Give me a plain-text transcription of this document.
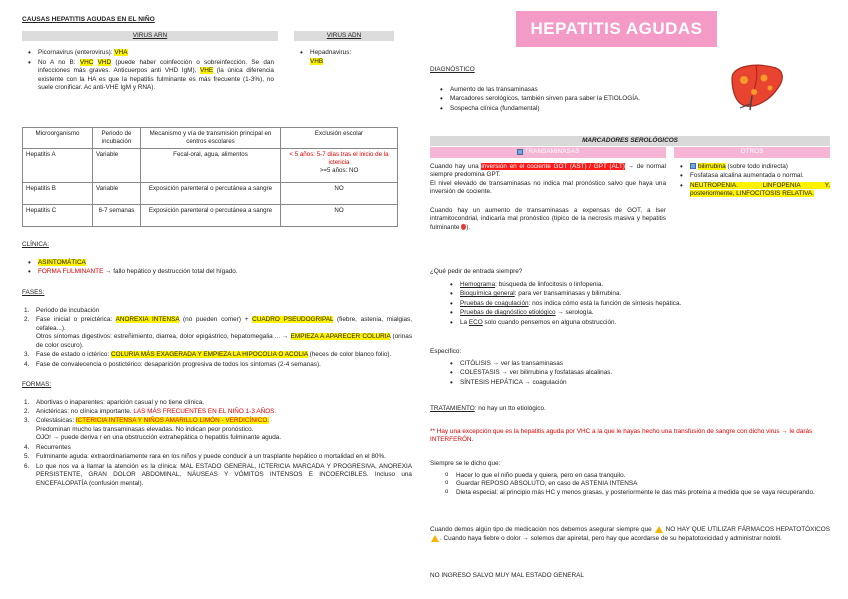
CAUSAS HEPATITIS AGUDAS EN EL NIÑO
VIRUS ARN
• Picornavirus (enterovirus): VHA
• No A no B: VHC VHD (puede haber coinfección o sobreinfección. Se dan infecciones más graves. Anticuerpos anti VHD IgM), VHE (la única diferencia existente con la HA es que la hepatitis fulminante es más frecuente (1-3%), no suele cronificar. Ac anti-VHE IgM y RNA).
VIRUS ADN
• Hepadnavirus:
VHB
Microorganismo	Periodo de incubación	Mecanismo y vía de transmisión principal en centros escolares	Exclusión escolar
Hepatitis A	Variable	Fecal-oral, agua, alimentos	< 5 años: 5-7 días tras el inicio de la ictericia
>=5 años: NO
Hepatitis B	Variable	Exposición parenteral o percutánea a sangre	NO
Hepatitis C	6-7 semanas	Exposición parenteral o percutánea a sangre	NO
CLÍNICA:
• ASINTOMÁTICA
• FORMA FULMINANTE → fallo hepático y destrucción total del hígado.
FASES:
1. Periodo de incubación
2. Fase inicial o preictérica: ANOREXIA INTENSA (no pueden comer) + CUADRO PSEUDOGRIPAL (fiebre, astenia, mialgias, cefalea...).
Otros síntomas digestivos: estreñimiento, diarrea, dolor epigástrico, hepatomegalia ... → EMPIEZA A APARECER COLURIA (orinas de color oscuro).
3. Fase de estado o ictérico: COLURIA MÁS EXAGERADA Y EMPIEZA LA HIPOCOLIA O ACOLIA (heces de color blanco folio).
4. Fase de convalecencia o postictérico: desaparición progresiva de todos los síntomas (2-4 semanas).
FORMAS:
1. Abortivas o inaparentes: aparición casual y no tiene clínica.
2. Anictéricas: no clínica importante. LAS MÁS FRECUENTES EN EL NIÑO 1-3 AÑOS.
3. Colestásicas: ICTERICIA INTENSA Y NIÑOS AMARILLO LIMÓN - VERDICÍNICO.
Predominan mucho las transaminasas elevadas. No indican peor pronóstico.
OJO! → puede deriva r en una obstrucción extrahepática o hepatitis fulminante aguda.
4. Recurrentes
5. Fulminante aguda: extraordinariamente rara en los niños y puede conducir a un trasplante hepático o mortalidad en el 80%.
6. Lo que nos va a llamar la atención es la clínica: MAL ESTADO GENERAL, ICTERICIA MARCADA Y PROGRESIVA, ANOREXIA PERSISTENTE, GRAN DOLOR ABDOMINAL, NÁUSEAS Y VÓMITOS INTENSOS E INCOERCIBLES. Incluso una ENCEFALOPATÍA (confusión mental).
HEPATITIS AGUDAS
DIAGNÓSTICO
• Aumento de las transaminasas
• Marcadores serológicos, también sirven para saber la ETIOLOGÍA.
• Sospecha clínica (fundamental)
MARCADORES SEROLÓGICOS
TRANSAMINASAS
Cuando hay una inversión en el cociente GOT (AST) / GPT (ALT) → de normal siempre predomina GPT.
El nivel elevado de transaminasas no indica mal pronóstico salvo que haya una inversión de cociente.
Cuando hay un aumento de transaminasas a expensas de GOT, a lser intramitocondrial, indicaría mal pronóstico (típico de la necrosis masiva y hepatitis fulminante ).
OTROS
• bilirrubina (sobre todo indirecta)
• Fosfatasa alcalina aumentada o normal.
• NEUTROPENIA. LINFOPENIA Y, posteriormente, LINFOCITOSIS RELATIVA.
¿Qué pedir de entrada siempre?
• Hemograma: búsqueda de linfocitosis o linfopenia.
• Bioquímica general: para ver transaminasas y bilirrubina.
• Pruebas de coagulación: nos indica cómo está la función de síntesis hepática.
• Pruebas de diagnóstico etiológico → serología.
• La ECO solo cuando pensemos en alguna obstrucción.
Específico:
• CITÓLISIS → ver las transaminasas
• COLESTASIS → ver bilirrubina y fosfatasas alcalinas.
• SÍNTESIS HEPÁTICA → coagulación
TRATAMIENTO: no hay un tto etiológico.
** Hay una excepción que es la hepatitis aguda por VHC a la que le hayas hecho una transfusión de sangre con dicho virus → le darás INTERFERÓN.
Siempre se le dicho que:
o Hacer lo que el niño pueda y quiera, pero en casa tranquilo.
o Guardar REPOSO ABSOLUTO, en caso de ASTENIA INTENSA
o Dieta especial: al principio más HC y menos grasas, y posteriormente le das más proteína a medida que se vaya recuperando.
Cuando demos algún tipo de medicación nos debemos asegurar siempre que  NO HAY QUE UTILIZAR FÁRMACOS HEPATOTÓXICOS. Cuando haya fiebre o dolor → solemos dar apiretal, pero hay que acordarse de su hepatotoxicidad y administrar nolotil.
NO INGRESO SALVO MUY MAL ESTADO GENERAL
